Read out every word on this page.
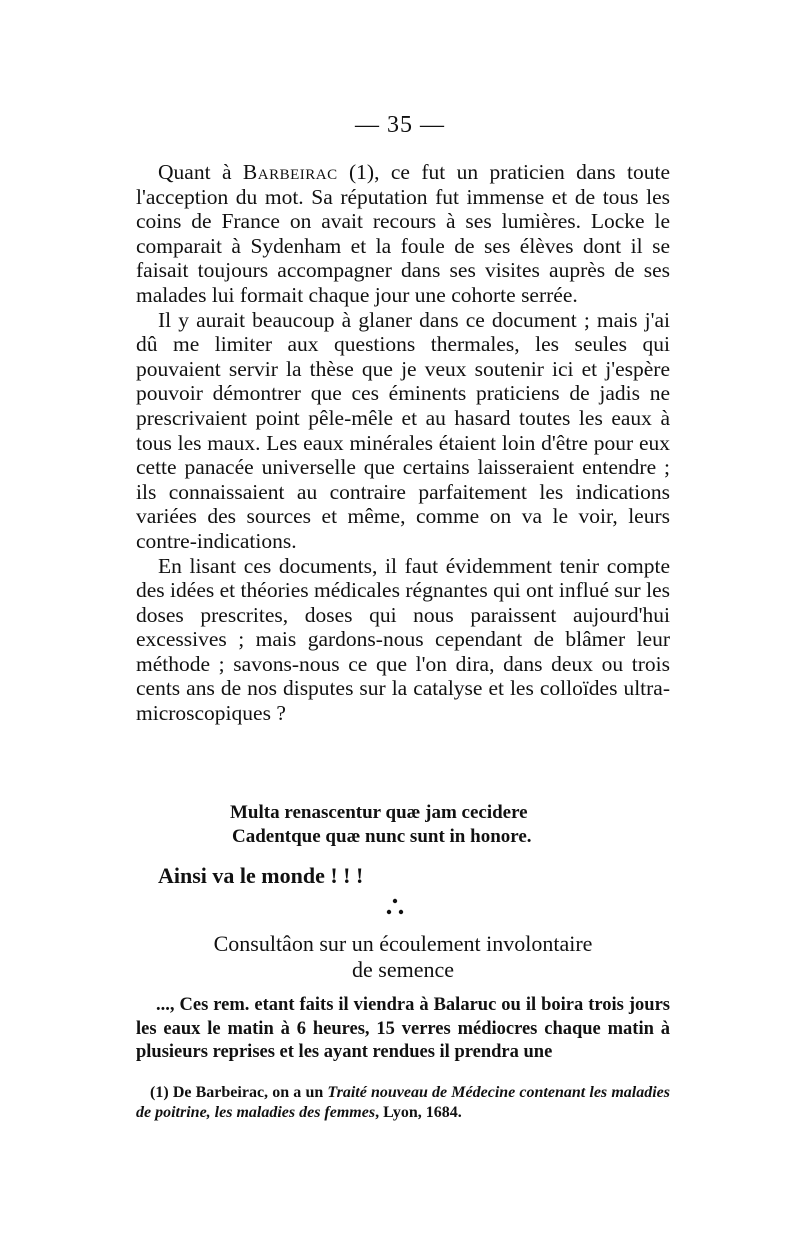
— 35 —

Quant à Barbeirac (1), ce fut un praticien dans toute l'acception du mot. Sa réputation fut immense et de tous les coins de France on avait recours à ses lumières. Locke le comparait à Sydenham et la foule de ses élèves dont il se faisait toujours accompagner dans ses visites auprès de ses malades lui formait chaque jour une cohorte serrée.

Il y aurait beaucoup à glaner dans ce document ; mais j'ai dû me limiter aux questions thermales, les seules qui pouvaient servir la thèse que je veux soutenir ici et j'espère pouvoir démontrer que ces éminents praticiens de jadis ne prescrivaient point pêle-mêle et au hasard toutes les eaux à tous les maux. Les eaux minérales étaient loin d'être pour eux cette panacée universelle que certains laisseraient entendre ; ils connaissaient au contraire parfaitement les indications variées des sources et même, comme on va le voir, leurs contre-indications.

En lisant ces documents, il faut évidemment tenir compte des idées et théories médicales régnantes qui ont influé sur les doses prescrites, doses qui nous paraissent aujourd'hui excessives ; mais gardons-nous cependant de blâmer leur méthode ; savons-nous ce que l'on dira, dans deux ou trois cents ans de nos disputes sur la catalyse et les colloïdes ultra-microscopiques ?

Multa renascentur quæ jam cecidere
Cadentque quæ nunc sunt in honore.
Ainsi va le monde ! ! !
Consultâon sur un écoulement involontaire
de semence

..., Ces rem. etant faits il viendra à Balaruc ou il boira trois jours les eaux le matin à 6 heures, 15 verres médiocres chaque matin à plusieurs reprises et les ayant rendues il prendra une

(1) De Barbeirac, on a un Traité nouveau de Médecine contenant les maladies de poitrine, les maladies des femmes, Lyon, 1684.
